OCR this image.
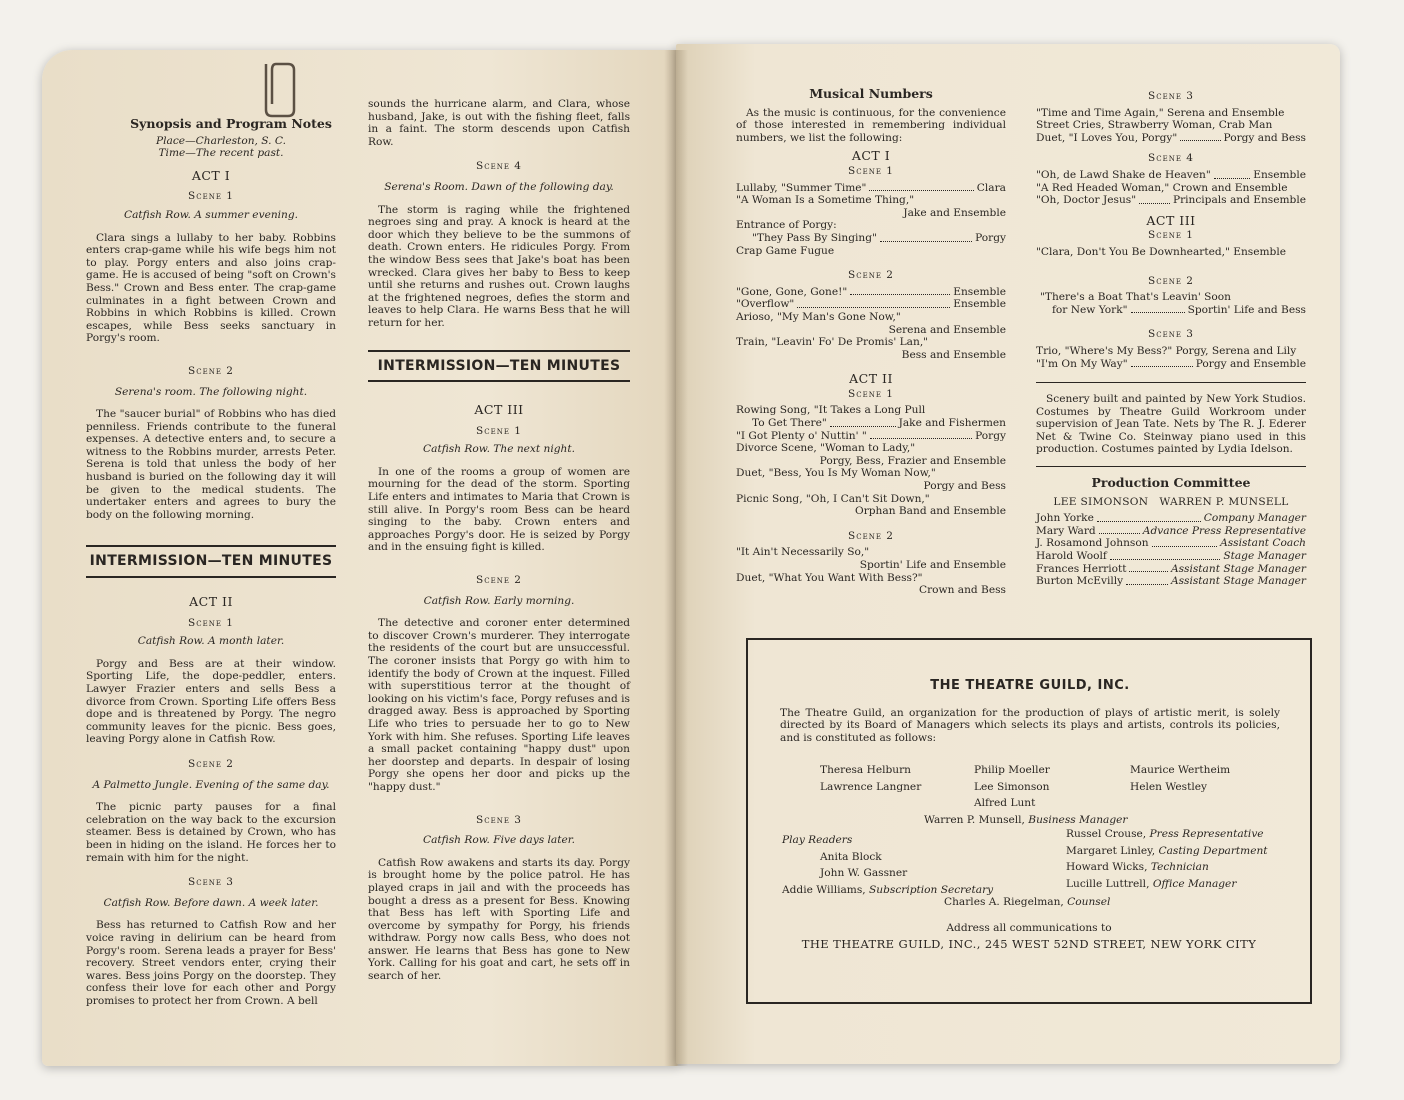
Synopsis and Program Notes
Place—Charleston, S. C.
Time—The recent past.
ACT I
Scene 1
Catfish Row. A summer evening.

Clara sings a lullaby to her baby. Robbins enters crap-game while his wife begs him not to play. Porgy enters and also joins crap-game. He is accused of being "soft on Crown's Bess." Crown and Bess enter. The crap-game culminates in a fight between Crown and Robbins in which Robbins is killed. Crown escapes, while Bess seeks sanctuary in Porgy's room.

Scene 2
Serena's room. The following night.

The "saucer burial" of Robbins who has died penniless. Friends contribute to the funeral expenses. A detective enters and, to secure a witness to the Robbins murder, arrests Peter. Serena is told that unless the body of her husband is buried on the following day it will be given to the medical students. The undertaker enters and agrees to bury the body on the following morning.

INTERMISSION—TEN MINUTES
ACT II
Scene 1
Catfish Row. A month later.

Porgy and Bess are at their window. Sporting Life, the dope-peddler, enters. Lawyer Frazier enters and sells Bess a divorce from Crown. Sporting Life offers Bess dope and is threatened by Porgy. The negro community leaves for the picnic. Bess goes, leaving Porgy alone in Catfish Row.

Scene 2
A Palmetto Jungle. Evening of the same day.

The picnic party pauses for a final celebration on the way back to the excursion steamer. Bess is detained by Crown, who has been in hiding on the island. He forces her to remain with him for the night.

Scene 3
Catfish Row. Before dawn. A week later.

Bess has returned to Catfish Row and her voice raving in delirium can be heard from Porgy's room. Serena leads a prayer for Bess' recovery. Street vendors enter, crying their wares. Bess joins Porgy on the doorstep. They confess their love for each other and Porgy promises to protect her from Crown. A bell

sounds the hurricane alarm, and Clara, whose husband, Jake, is out with the fishing fleet, falls in a faint. The storm descends upon Catfish Row.

Scene 4
Serena's Room. Dawn of the following day.

The storm is raging while the frightened negroes sing and pray. A knock is heard at the door which they believe to be the summons of death. Crown enters. He ridicules Porgy. From the window Bess sees that Jake's boat has been wrecked. Clara gives her baby to Bess to keep until she returns and rushes out. Crown laughs at the frightened negroes, defies the storm and leaves to help Clara. He warns Bess that he will return for her.

INTERMISSION—TEN MINUTES
ACT III
Scene 1
Catfish Row. The next night.

In one of the rooms a group of women are mourning for the dead of the storm. Sporting Life enters and intimates to Maria that Crown is still alive. In Porgy's room Bess can be heard singing to the baby. Crown enters and approaches Porgy's door. He is seized by Porgy and in the ensuing fight is killed.

Scene 2
Catfish Row. Early morning.

The detective and coroner enter determined to discover Crown's murderer. They interrogate the residents of the court but are unsuccessful. The coroner insists that Porgy go with him to identify the body of Crown at the inquest. Filled with superstitious terror at the thought of looking on his victim's face, Porgy refuses and is dragged away. Bess is approached by Sporting Life who tries to persuade her to go to New York with him. She refuses. Sporting Life leaves a small packet containing "happy dust" upon her doorstep and departs. In despair of losing Porgy she opens her door and picks up the "happy dust."

Scene 3
Catfish Row. Five days later.

Catfish Row awakens and starts its day. Porgy is brought home by the police patrol. He has played craps in jail and with the proceeds has bought a dress as a present for Bess. Knowing that Bess has left with Sporting Life and overcome by sympathy for Porgy, his friends withdraw. Porgy now calls Bess, who does not answer. He learns that Bess has gone to New York. Calling for his goat and cart, he sets off in search of her.

Musical Numbers

As the music is continuous, for the convenience of those interested in remembering individual numbers, we list the following:

ACT I
Scene 1
Lullaby, "Summer Time"	Clara
"A Woman Is a Sometime Thing,"
Jake and Ensemble
Entrance of Porgy:
"They Pass By Singing"	Porgy
Crap Game Fugue
Scene 2
"Gone, Gone, Gone!"	Ensemble
"Overflow"	Ensemble
Arioso, "My Man's Gone Now,"
Serena and Ensemble
Train, "Leavin' Fo' De Promis' Lan,"
Bess and Ensemble
ACT II
Scene 1
Rowing Song, "It Takes a Long Pull
To Get There"	Jake and Fishermen
"I Got Plenty o' Nuttin' "	Porgy
Divorce Scene, "Woman to Lady,"
Porgy, Bess, Frazier and Ensemble
Duet, "Bess, You Is My Woman Now,"
Porgy and Bess
Picnic Song, "Oh, I Can't Sit Down,"
Orphan Band and Ensemble
Scene 2
"It Ain't Necessarily So,"
Sportin' Life and Ensemble
Duet, "What You Want With Bess?"
Crown and Bess
Scene 3
"Time and Time Again," Serena and Ensemble
Street Cries, Strawberry Woman, Crab Man
Duet, "I Loves You, Porgy"	Porgy and Bess
Scene 4
"Oh, de Lawd Shake de Heaven"	Ensemble
"A Red Headed Woman," Crown and Ensemble
"Oh, Doctor Jesus"	Principals and Ensemble
ACT III
Scene 1
"Clara, Don't You Be Downhearted," Ensemble
Scene 2
"There's a Boat That's Leavin' Soon
for New York"	Sportin' Life and Bess
Scene 3
Trio, "Where's My Bess?" Porgy, Serena and Lily
"I'm On My Way"	Porgy and Ensemble

Scenery built and painted by New York Studios. Costumes by Theatre Guild Workroom under supervision of Jean Tate. Nets by The R. J. Ederer Net & Twine Co. Steinway piano used in this production. Costumes painted by Lydia Idelson.

Production Committee
LEE SIMONSON   WARREN P. MUNSELL
John Yorke	Company Manager
Mary Ward	Advance Press Representative
J. Rosamond Johnson	Assistant Coach
Harold Woolf	Stage Manager
Frances Herriott	Assistant Stage Manager
Burton McEvilly	Assistant Stage Manager
THE THEATRE GUILD, INC.

The Theatre Guild, an organization for the production of plays of artistic merit, is solely directed by its Board of Managers which selects its plays and artists, controls its policies, and is constituted as follows:

Theresa Helburn
Lawrence Langner
Philip Moeller
Lee Simonson
Alfred Lunt
Maurice Wertheim
Helen Westley
Warren P. Munsell, Business Manager
Play Readers
Anita Block
John W. Gassner
Addie Williams, Subscription Secretary
Russel Crouse, Press Representative
Margaret Linley, Casting Department
Howard Wicks, Technician
Lucille Luttrell, Office Manager
Charles A. Riegelman, Counsel
Address all communications to
THE THEATRE GUILD, INC., 245 WEST 52ND STREET, NEW YORK CITY
